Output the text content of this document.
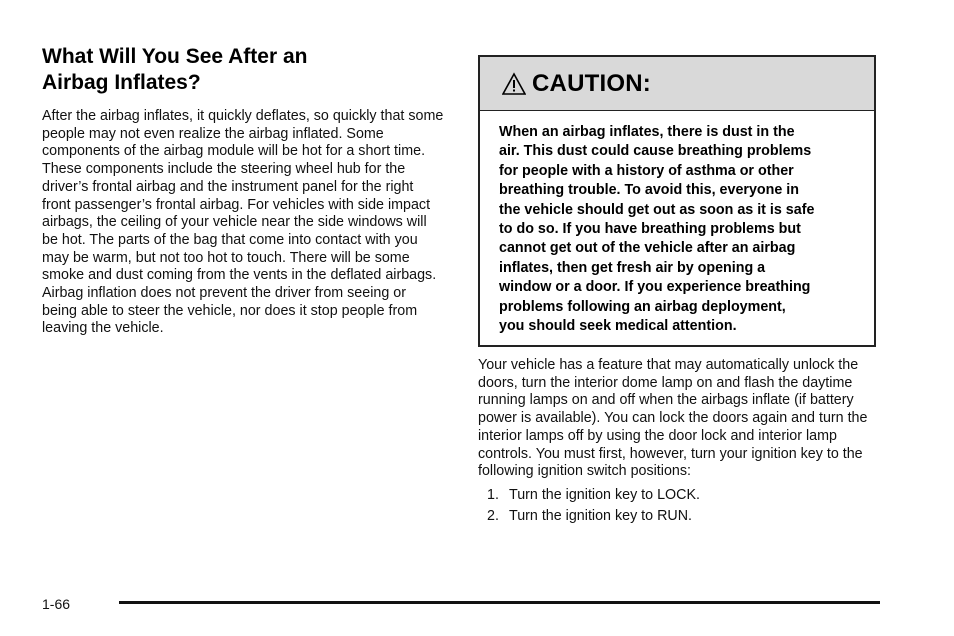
What Will You See After an
Airbag Inflates?

After the airbag inflates, it quickly deflates, so quickly that some people may not even realize the airbag inflated. Some components of the airbag module will be hot for a short time. These components include the steering wheel hub for the driver’s frontal airbag and the instrument panel for the right front passenger’s frontal airbag. For vehicles with side impact airbags, the ceiling of your vehicle near the side windows will be hot. The parts of the bag that come into contact with you may be warm, but not too hot to touch. There will be some smoke and dust coming from the vents in the deflated airbags. Airbag inflation does not prevent the driver from seeing or being able to steer the vehicle, nor does it stop people from leaving the vehicle.

CAUTION:
When an airbag inflates, there is dust in the
air. This dust could cause breathing problems
for people with a history of asthma or other
breathing trouble. To avoid this, everyone in
the vehicle should get out as soon as it is safe
to do so. If you have breathing problems but
cannot get out of the vehicle after an airbag
inflates, then get fresh air by opening a
window or a door. If you experience breathing
problems following an airbag deployment,
you should seek medical attention.

Your vehicle has a feature that may automatically unlock the doors, turn the interior dome lamp on and flash the daytime running lamps on and off when the airbags inflate (if battery power is available). You can lock the doors again and turn the interior lamps off by using the door lock and interior lamp controls. You must first, however, turn your ignition key to the following ignition switch positions:

1. Turn the ignition key to LOCK.
2. Turn the ignition key to RUN.
1-66
